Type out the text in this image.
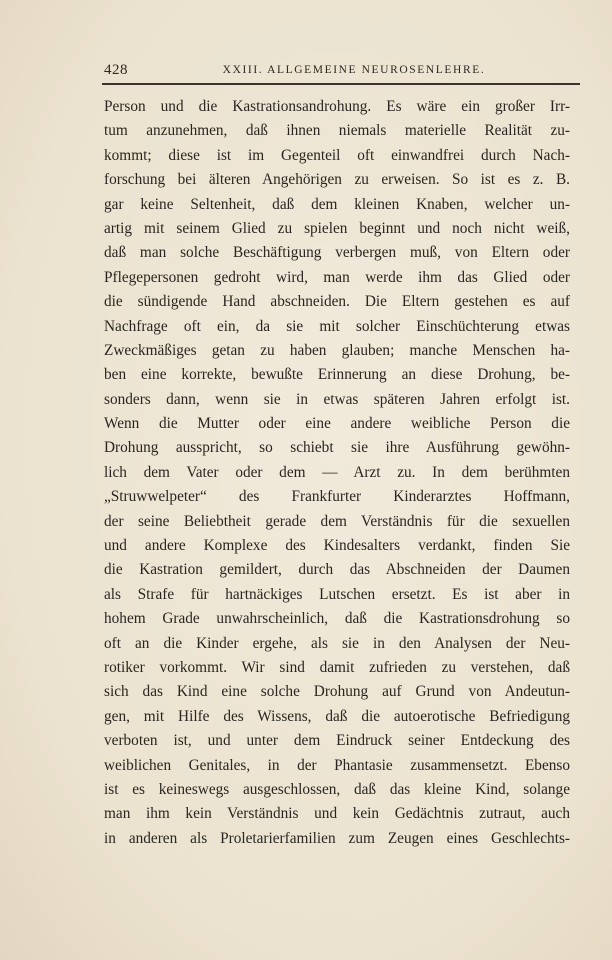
428	XXIII. ALLGEMEINE NEUROSENLEHRE.
Person und die Kastrationsandrohung. Es wäre ein großer Irr-
tum anzunehmen, daß ihnen niemals materielle Realität zu-
kommt; diese ist im Gegenteil oft einwandfrei durch Nach-
forschung bei älteren Angehörigen zu erweisen. So ist es z. B.
gar keine Seltenheit, daß dem kleinen Knaben, welcher un-
artig mit seinem Glied zu spielen beginnt und noch nicht weiß,
daß man solche Beschäftigung verbergen muß, von Eltern oder
Pflegepersonen gedroht wird, man werde ihm das Glied oder
die sündigende Hand abschneiden. Die Eltern gestehen es auf
Nachfrage oft ein, da sie mit solcher Einschüchterung etwas
Zweckmäßiges getan zu haben glauben; manche Menschen ha-
ben eine korrekte, bewußte Erinnerung an diese Drohung, be-
sonders dann, wenn sie in etwas späteren Jahren erfolgt ist.
Wenn die Mutter oder eine andere weibliche Person die
Drohung ausspricht, so schiebt sie ihre Ausführung gewöhn-
lich dem Vater oder dem — Arzt zu. In dem berühmten
„Struwwelpeter“ des Frankfurter Kinderarztes Hoffmann,
der seine Beliebtheit gerade dem Verständnis für die sexuellen
und andere Komplexe des Kindesalters verdankt, finden Sie
die Kastration gemildert, durch das Abschneiden der Daumen
als Strafe für hartnäckiges Lutschen ersetzt. Es ist aber in
hohem Grade unwahrscheinlich, daß die Kastrationsdrohung so
oft an die Kinder ergehe, als sie in den Analysen der Neu-
rotiker vorkommt. Wir sind damit zufrieden zu verstehen, daß
sich das Kind eine solche Drohung auf Grund von Andeutun-
gen, mit Hilfe des Wissens, daß die autoerotische Befriedigung
verboten ist, und unter dem Eindruck seiner Entdeckung des
weiblichen Genitales, in der Phantasie zusammensetzt. Ebenso
ist es keineswegs ausgeschlossen, daß das kleine Kind, solange
man ihm kein Verständnis und kein Gedächtnis zutraut, auch
in anderen als Proletarierfamilien zum Zeugen eines Geschlechts-
